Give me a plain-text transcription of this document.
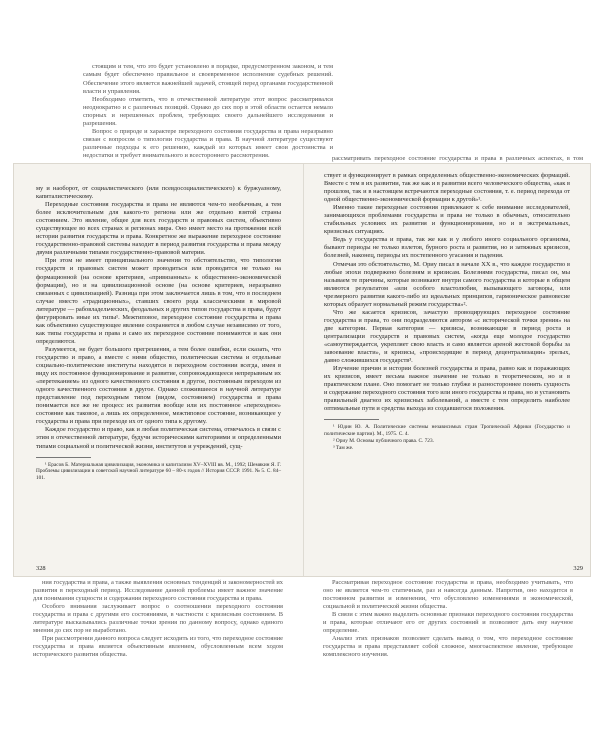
стоящим и тем, что это будет установлено в порядке, предусмотренном законом, и тем самым будет обеспечено правильное и своевременное исполнение судебных решений. Обеспечение этого является важнейшей задачей, стоящей перед органами государственной власти и управления.

Необходимо отметить, что в отечественной литературе этот вопрос рассматривался неоднократно и с различных позиций. Однако до сих пор в этой области остается немало спорных и нерешенных проблем, требующих своего дальнейшего исследования и разрешения.

Вопрос о природе и характере переходного состояния государства и права неразрывно связан с вопросом о типологии государства и права. В научной литературе существуют различные подходы к его решению, каждый из которых имеет свои достоинства и недостатки и требует внимательного и всестороннего рассмотрения.	рассматривать переходное состояние государства и права в различных аспектах, в том

му и наоборот, от социалистического (или псевдосоциалистического) к буржуазному, капиталистическому.

Переходные состояния государства и права не являются чем-то необычным, а тем более исключительным для какого-то региона или же отдельно взятой страны состоянием. Это явление, общее для всех государств и правовых систем, объективно существующее во всех странах и регионах мира. Оно имеет место на протяжении всей истории развития государства и права. Конкретное же выражение переходное состояние государственно-правовой системы находит в период развития государства и права между двумя различными типами государственно-правовой материи.

При этом не имеет принципиального значения то обстоятельство, что типология государств и правовых систем может проводиться или проводится не только на формационной (на основе критериев, «привязанных» к общественно-экономической формации), но и на цивилизационной основе (на основе критериев, неразрывно связанных с цивилизацией). Разница при этом заключается лишь в том, что в последнем случае вместо «традиционных», ставших своего рода классическими в мировой литературе — рабовладельческих, феодальных и других типов государства и права, будут фигурировать иные их типы¹. Межтиповое, переходное состояние государства и права как объективно существующее явление сохраняется в любом случае независимо от того, как типы государства и права и само их переходное состояние понимаются и как они определяются.

Разумеется, не будет большого прегрешения, а тем более ошибки, если сказать, что государство и право, а вместе с ними общество, политическая система и отдельные социально-политические институты находятся в переходном состоянии всегда, имея в виду их постоянное функционирование и развитие, сопровождающееся непрерывным их «перетеканием» из одного качественного состояния в другое, постоянным переходом из одного качественного состояния в другое. Однако сложившееся в научной литературе представление под переходным типом (видом, состоянием) государства и права понимается все же не процесс их развития вообще или их постоянное «переходное» состояние как таковое, а лишь их определенное, межтиповое состояние, возникающее у государства и права при переходе их от одного типа к другому.

Каждое государство и право, как и любая политическая система, отмечалось в связи с этим в отечественной литературе, будучи историческими категориями и определенными типами социальной и политической жизни, институтов и учреждений, сущ-

¹ Ерасов Б. Материальная цивилизация, экономика и капитализм XV–XVIII вв. М., 1992; Шемякин Я. Г. Проблемы цивилизации в советской научной литературе 60 – 80-х годов // История СССР. 1991. № 5. С. 84–101.

328

ствует и функционирует в рамках определенных общественно-экономических формаций. Вместе с тем в их развитии, так же как и в развитии всего человеческого общества, «как в прошлом, так и в настоящем встречаются переходные состояния, т. е. период перехода от одной общественно-экономической формации к другой»¹.

Именно такие переходные состояния привлекают к себе внимание исследователей, занимающихся проблемами государства и права не только в обычных, относительно стабильных условиях их развития и функционирования, но и в экстремальных, кризисных ситуациях.

Ведь у государства и права, так же как и у любого иного социального организма, бывают периоды не только взлетов, бурного роста и развития, но и затяжных кризисов, болезней, наконец, периоды их постепенного угасания и падения.

Отмечая это обстоятельство, М. Ориу писал в начале XX в., что каждое государство в любые эпохи подвержено болезням и кризисам. Болезнями государства, писал он, мы называем те причины, которые возникают внутри самого государства и которые в общем являются результатом «или особого властолюбия, вызывающего заговоры, или чрезмерного развития какого-либо из идеальных принципов, гармоническое равновесие которых образует нормальный режим государства»².

Что же касается кризисов, зачастую провоцирующих переходное состояние государства и права, то они подразделяются автором «с исторической точки зрения» на две категории. Первая категория — кризисы, возникающие в период роста и централизации государств и правовых систем, «когда еще молодое государство «самоутверждается, укрепляет свою власть и само является ареной жестокой борьбы за завоевание власти», и кризисы, «происходящие в период децентрализации» зрелых, давно сложившихся государств³.

Изучение причин и истории болезней государства и права, равно как и поражающих их кризисов, имеет весьма важное значение не только в теоретическом, но и в практическом плане. Оно помогает не только глубже и разностороннее понять сущность и содержание переходного состояния того или иного государства и права, но и установить правильный диагноз их кризисных заболеваний, а вместе с тем определить наиболее оптимальные пути и средства выхода из создавшегося положения.

¹ Юдин Ю. А. Политические системы независимых стран Тропической Африки (Государство и политические партии). М., 1975. С. 4.

² Ориу М. Основы публичного права. С. 723.

³ Там же.

329

ния государства и права, а также выявления основных тенденций и закономерностей их развития в переходный период. Исследование данной проблемы имеет важное значение для понимания сущности и содержания переходного состояния государства и права.

Особого внимания заслуживает вопрос о соотношении переходного состояния государства и права с другими его состояниями, в частности с кризисным состоянием. В литературе высказывались различные точки зрения по данному вопросу, однако единого мнения до сих пор не выработано.

При рассмотрении данного вопроса следует исходить из того, что переходное состояние государства и права является объективным явлением, обусловленным всем ходом исторического развития общества.

Рассматривая переходное состояние государства и права, необходимо учитывать, что оно не является чем-то статичным, раз и навсегда данным. Напротив, оно находится в постоянном развитии и изменении, что обусловлено изменениями в экономической, социальной и политической жизни общества.

В связи с этим важно выделить основные признаки переходного состояния государства и права, которые отличают его от других состояний и позволяют дать ему научное определение.

Анализ этих признаков позволяет сделать вывод о том, что переходное состояние государства и права представляет собой сложное, многоаспектное явление, требующее комплексного изучения.
